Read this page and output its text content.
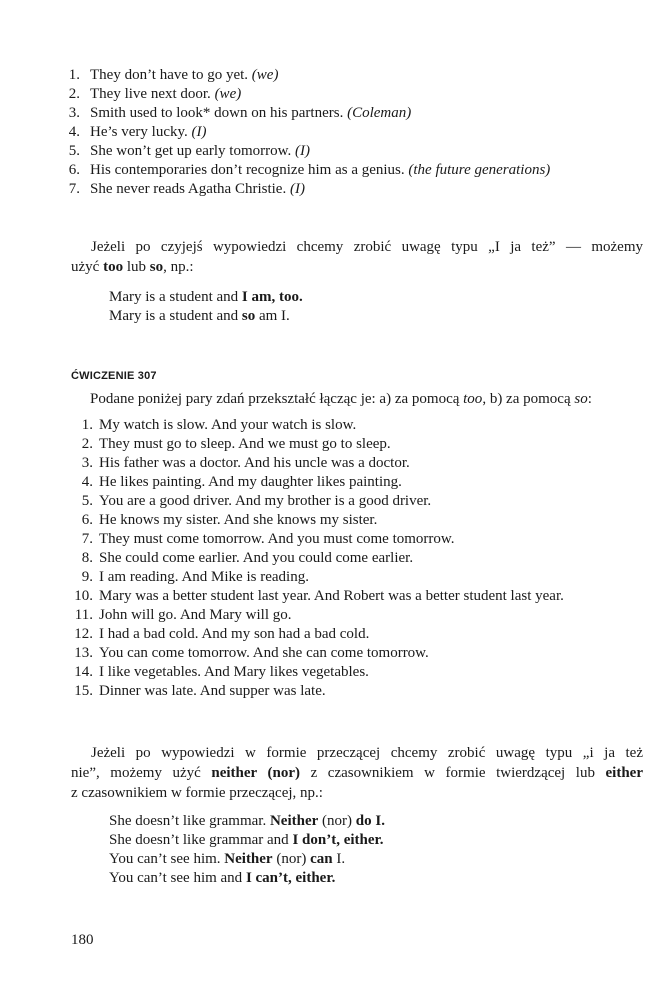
1. They don’t have to go yet. (we)
2. They live next door. (we)
3. Smith used to look* down on his partners. (Coleman)
4. He’s very lucky. (I)
5. She won’t get up early tomorrow. (I)
6. His contemporaries don’t recognize him as a genius. (the future generations)
7. She never reads Agatha Christie. (I)
Jeżeli po czyjejś wypowiedzi chcemy zrobić uwagę typu „I ja też” — możemy
użyć too lub so, np.:
Mary is a student and I am, too.
Mary is a student and so am I.
ĆWICZENIE 307
Podane poniżej pary zdań przekształć łącząc je: a) za pomocą too, b) za pomocą so:
1. My watch is slow. And your watch is slow.
2. They must go to sleep. And we must go to sleep.
3. His father was a doctor. And his uncle was a doctor.
4. He likes painting. And my daughter likes painting.
5. You are a good driver. And my brother is a good driver.
6. He knows my sister. And she knows my sister.
7. They must come tomorrow. And you must come tomorrow.
8. She could come earlier. And you could come earlier.
9. I am reading. And Mike is reading.
10. Mary was a better student last year. And Robert was a better student last year.
11. John will go. And Mary will go.
12. I had a bad cold. And my son had a bad cold.
13. You can come tomorrow. And she can come tomorrow.
14. I like vegetables. And Mary likes vegetables.
15. Dinner was late. And supper was late.
Jeżeli po wypowiedzi w formie przeczącej chcemy zrobić uwagę typu „i ja też
nie”, możemy użyć neither (nor) z czasownikiem w formie twierdzącej lub either
z czasownikiem w formie przeczącej, np.:
She doesn’t like grammar. Neither (nor) do I.
She doesn’t like grammar and I don’t, either.
You can’t see him. Neither (nor) can I.
You can’t see him and I can’t, either.
180
